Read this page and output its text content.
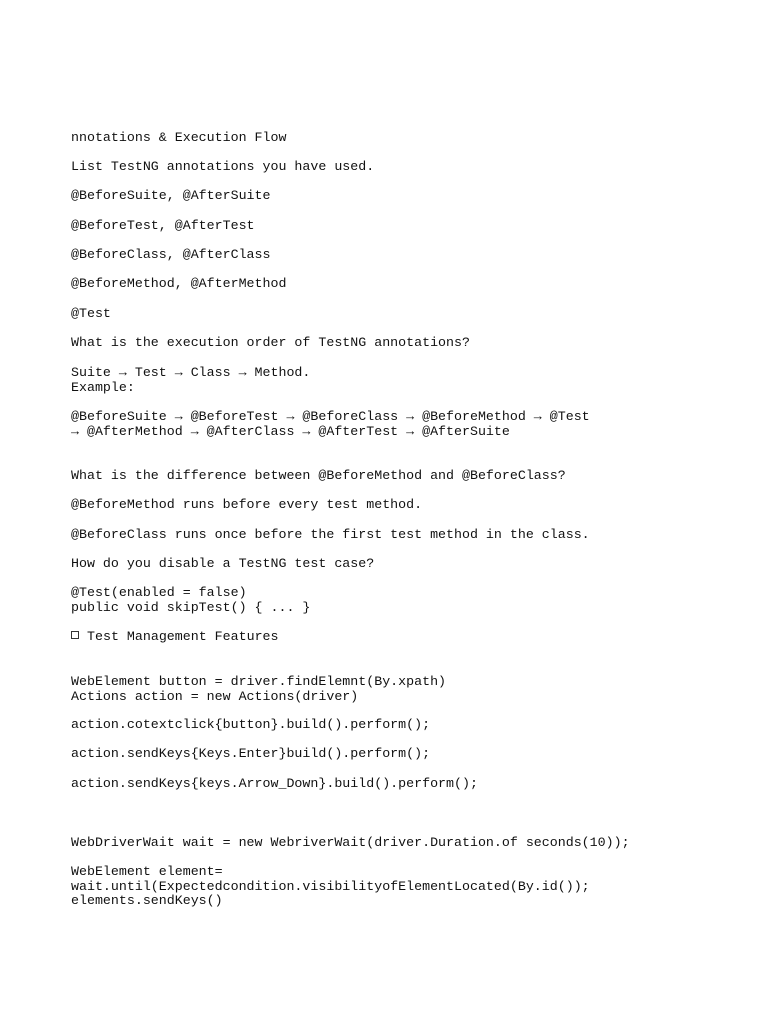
nnotations & Execution Flow

List TestNG annotations you have used.

@BeforeSuite, @AfterSuite

@BeforeTest, @AfterTest

@BeforeClass, @AfterClass

@BeforeMethod, @AfterMethod

@Test

What is the execution order of TestNG annotations?

Suite → Test → Class → Method.

Example:

@BeforeSuite → @BeforeTest → @BeforeClass → @BeforeMethod → @Test

→ @AfterMethod → @AfterClass → @AfterTest → @AfterSuite

What is the difference between @BeforeMethod and @BeforeClass?

@BeforeMethod runs before every test method.

@BeforeClass runs once before the first test method in the class.

How do you disable a TestNG test case?

@Test(enabled = false)

public void skipTest() { ... }

Test Management Features

WebElement button = driver.findElemnt(By.xpath)

Actions action = new Actions(driver)

action.cotextclick{button}.build().perform();

action.sendKeys{Keys.Enter}build().perform();

action.sendKeys{keys.Arrow_Down}.build().perform();

WebDriverWait wait = new WebriverWait(driver.Duration.of seconds(10));

WebElement element=

wait.until(Expectedcondition.visibilityofElementLocated(By.id());

elements.sendKeys()
